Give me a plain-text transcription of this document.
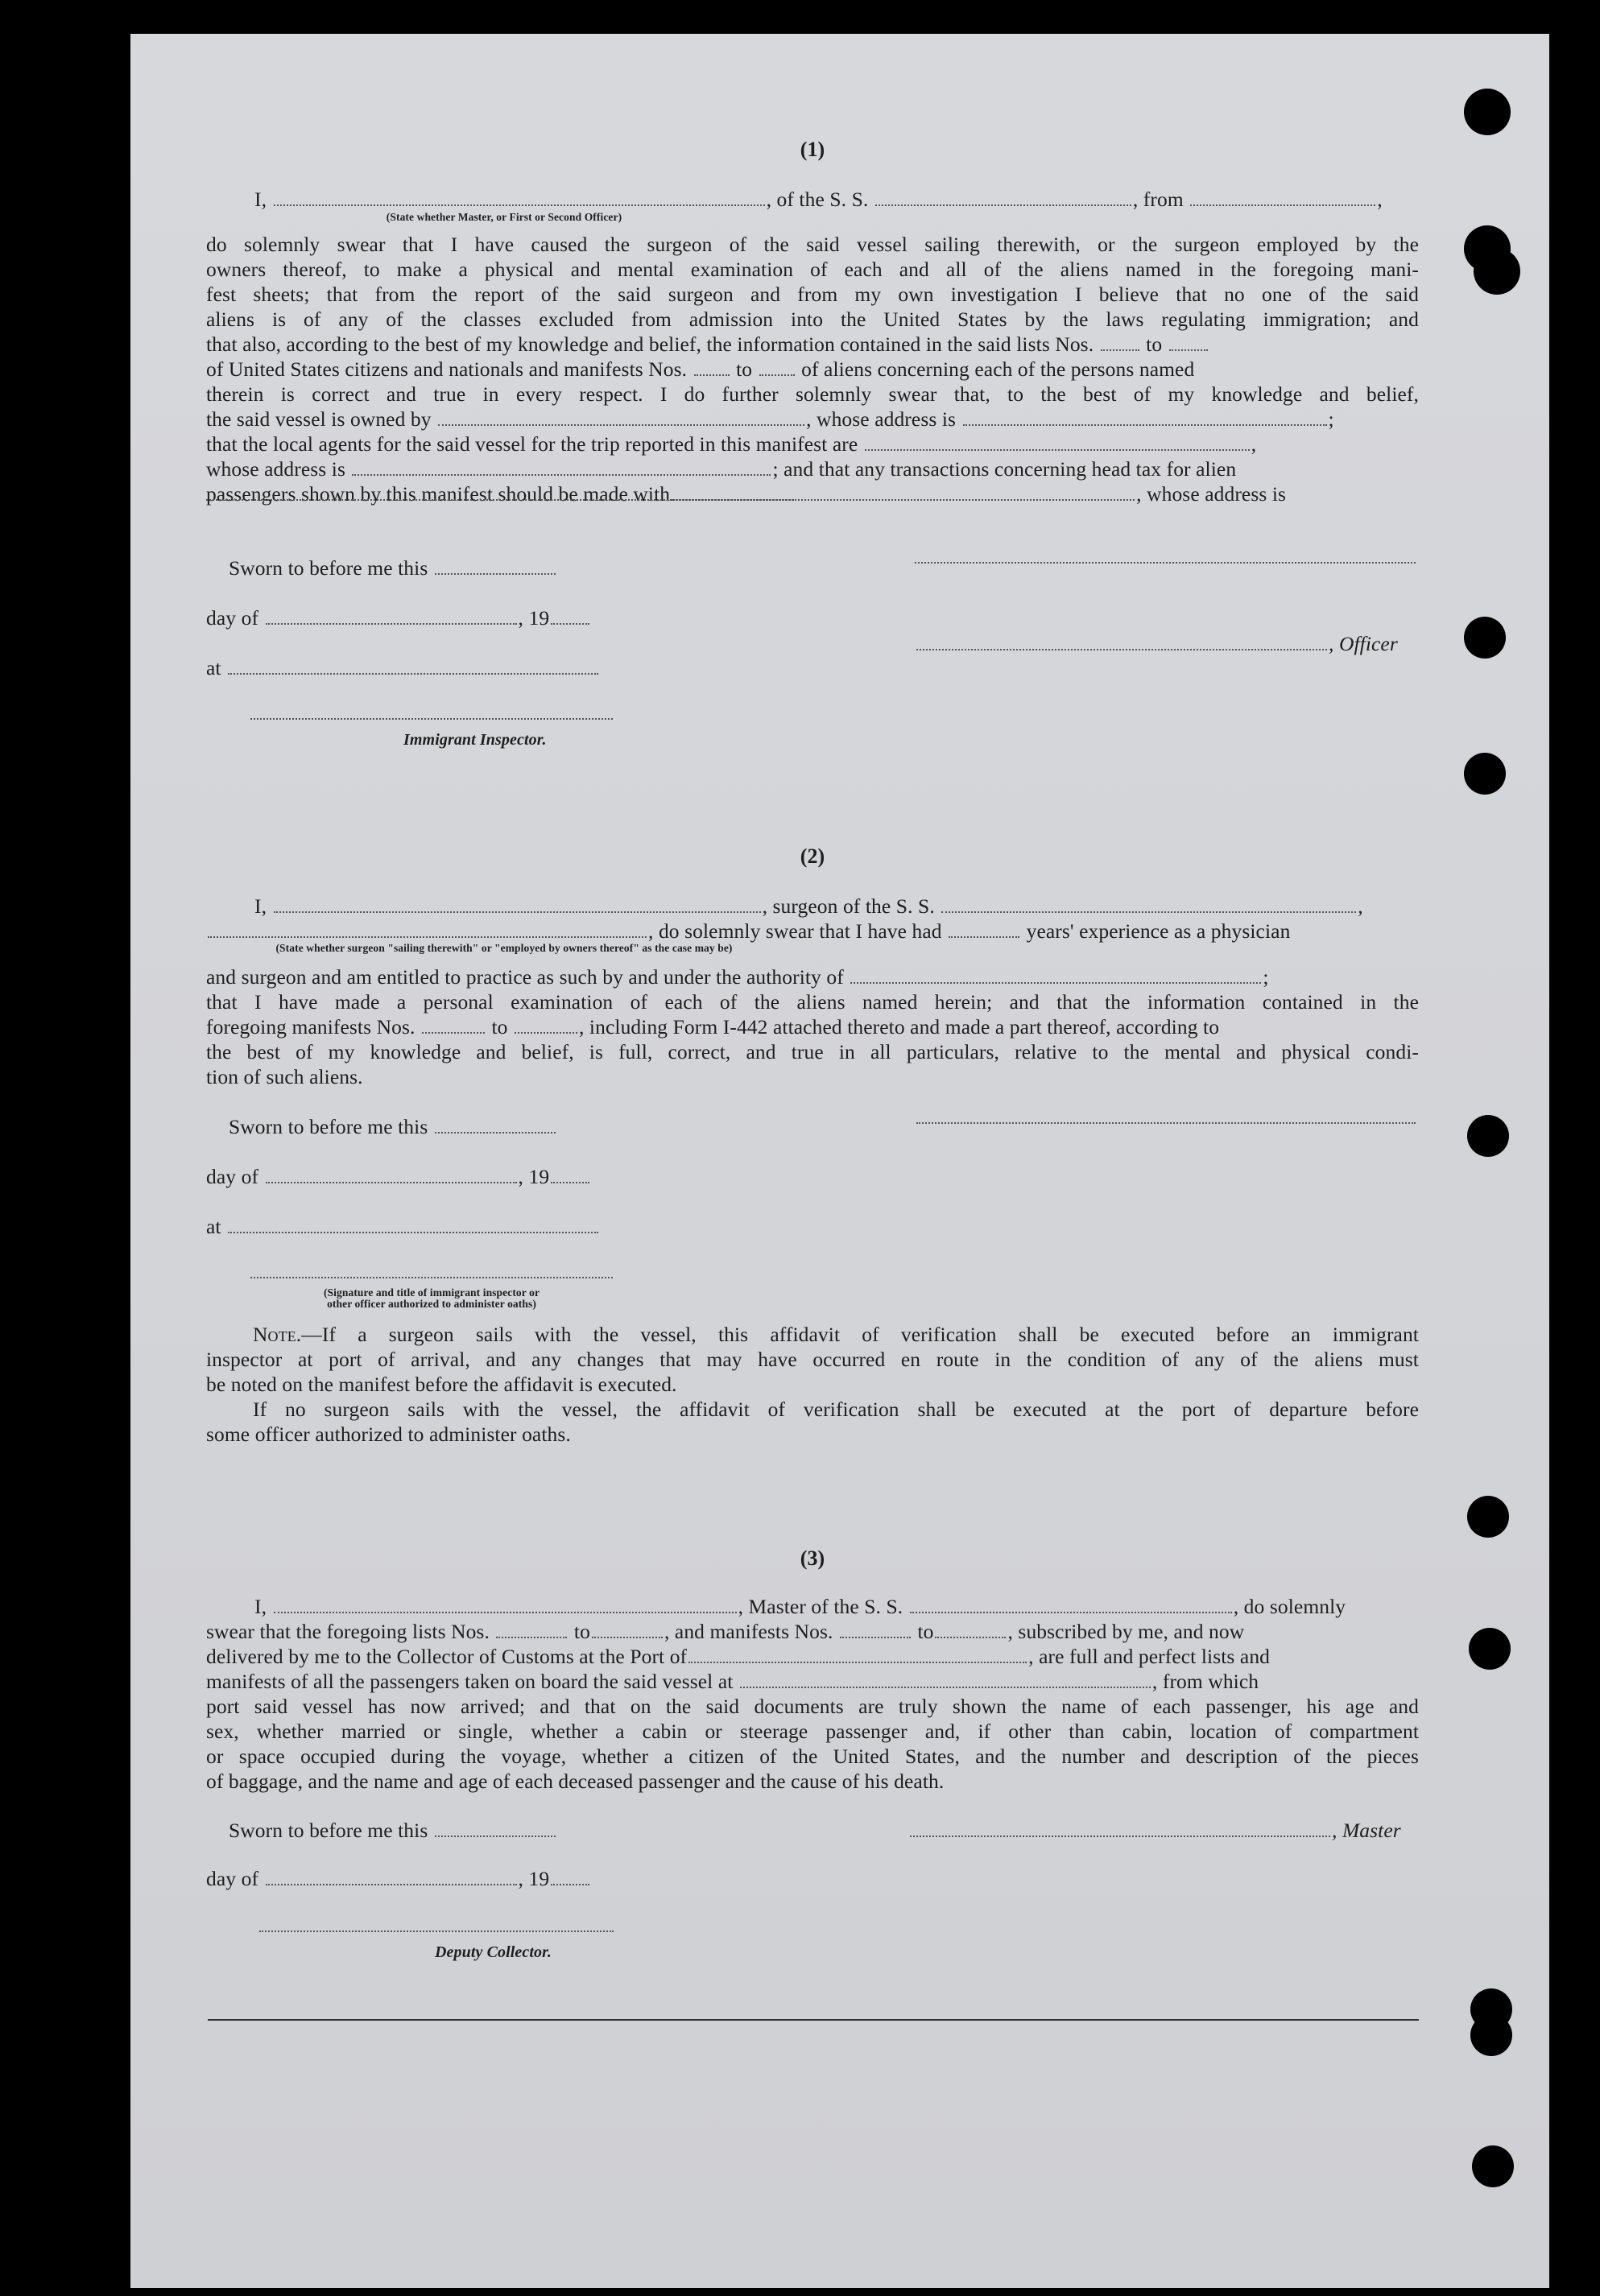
(1)
I,	, of the S. S.	, from	,
(State whether Master, or First or Second Officer)
do solemnly swear that I have caused the surgeon of the said vessel sailing therewith, or the surgeon employed by the
owners thereof, to make a physical and mental examination of each and all of the aliens named in the foregoing mani-
fest sheets; that from the report of the said surgeon and from my own investigation I believe that no one of the said
aliens is of any of the classes excluded from admission into the United States by the laws regulating immigration; and
that also, according to the best of my knowledge and belief, the information contained in the said lists Nos.	to
of United States citizens and nationals and manifests Nos. to of aliens concerning each of the persons named
therein is correct and true in every respect. I do further solemnly swear that, to the best of my knowledge and belief,
the said vessel is owned by	, whose address is	;
that the local agents for the said vessel for the trip reported in this manifest are	,
whose address is	; and that any transactions concerning head tax for alien
passengers shown by this manifest should be made with	, whose address is
Sworn to before me this
day of	, 19
, Officer
at
Immigrant Inspector.
(2)
I,	, surgeon of the S. S.	,
, do solemnly swear that I have had	years' experience as a physician
(State whether surgeon "sailing therewith" or "employed by owners thereof" as the case may be)
and surgeon and am entitled to practice as such by and under the authority of	;
that I have made a personal examination of each of the aliens named herein; and that the information contained in the
foregoing manifests Nos.	to	, including Form I-442 attached thereto and made a part thereof, according to
the best of my knowledge and belief, is full, correct, and true in all particulars, relative to the mental and physical condi-
tion of such aliens.
Sworn to before me this
day of	, 19
at
(Signature and title of immigrant inspector or
other officer authorized to administer oaths)
Note.—If a surgeon sails with the vessel, this affidavit of verification shall be executed before an immigrant
inspector at port of arrival, and any changes that may have occurred en route in the condition of any of the aliens must
be noted on the manifest before the affidavit is executed.
If no surgeon sails with the vessel, the affidavit of verification shall be executed at the port of departure before
some officer authorized to administer oaths.
(3)
I,	, Master of the S. S.	, do solemnly
swear that the foregoing lists Nos.	to	, and manifests Nos.	to	, subscribed by me, and now
delivered by me to the Collector of Customs at the Port of	, are full and perfect lists and
manifests of all the passengers taken on board the said vessel at	, from which
port said vessel has now arrived; and that on the said documents are truly shown the name of each passenger, his age and
sex, whether married or single, whether a cabin or steerage passenger and, if other than cabin, location of compartment
or space occupied during the voyage, whether a citizen of the United States, and the number and description of the pieces
of baggage, and the name and age of each deceased passenger and the cause of his death.
Sworn to before me this	, Master
day of	, 19
Deputy Collector.
